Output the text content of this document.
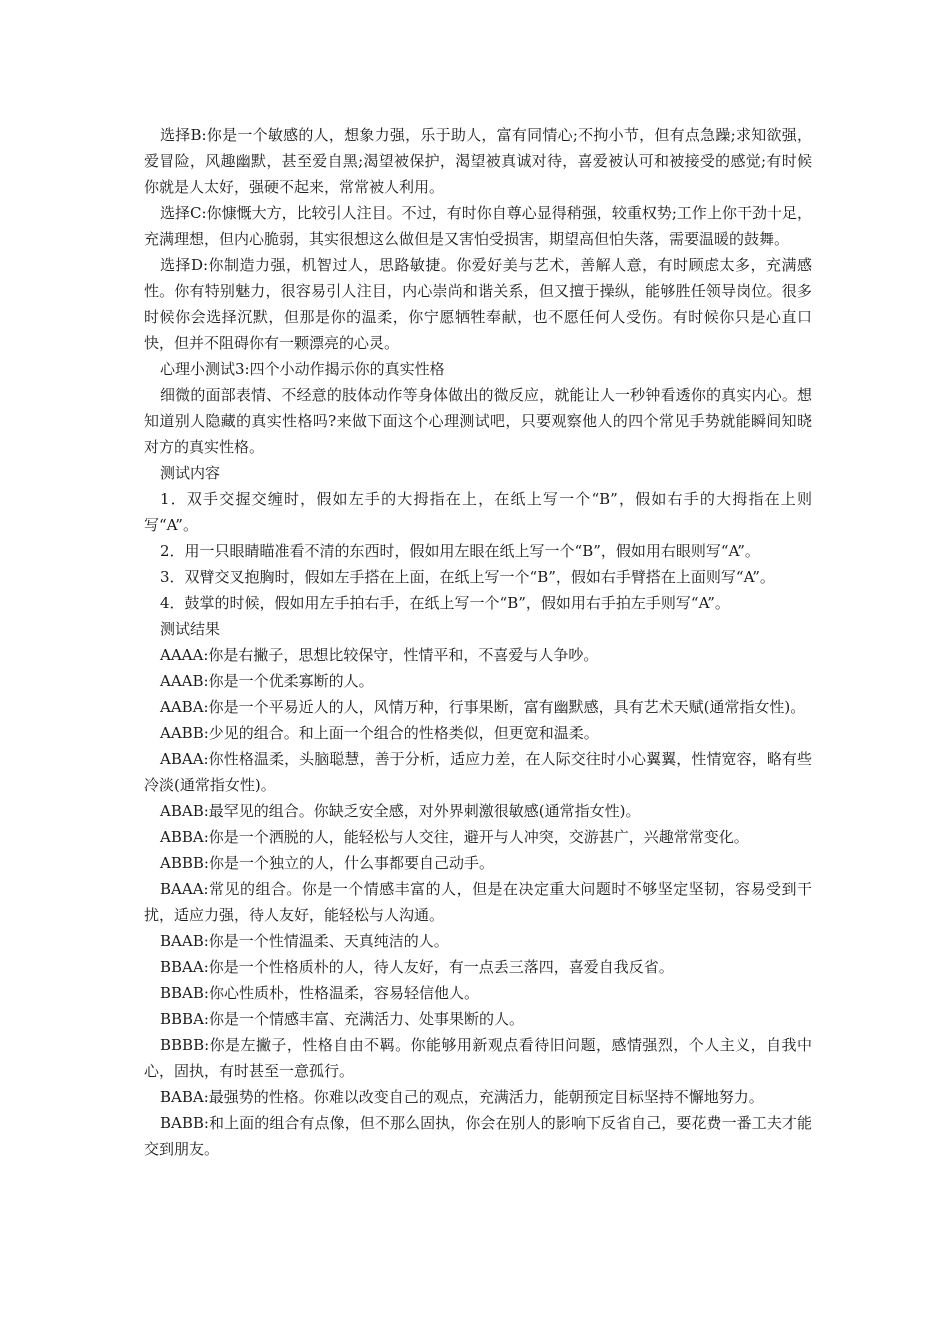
选择B:你是一个敏感的人，想象力强，乐于助人，富有同情心;不拘小节，但有点急躁;求知欲强，爱冒险，风趣幽默，甚至爱自黑;渴望被保护，渴望被真诚对待，喜爱被认可和被接受的感觉;有时候你就是人太好，强硬不起来，常常被人利用。

选择C:你慷慨大方，比较引人注目。不过，有时你自尊心显得稍强，较重权势;工作上你干劲十足，充满理想，但内心脆弱，其实很想这么做但是又害怕受损害，期望高但怕失落，需要温暖的鼓舞。

选择D:你制造力强，机智过人，思路敏捷。你爱好美与艺术，善解人意，有时顾虑太多，充满感性。你有特别魅力，很容易引人注目，内心崇尚和谐关系，但又擅于操纵，能够胜任领导岗位。很多时候你会选择沉默，但那是你的温柔，你宁愿牺牲奉献，也不愿任何人受伤。有时候你只是心直口快，但并不阻碍你有一颗漂亮的心灵。

心理小测试3:四个小动作揭示你的真实性格

细微的面部表情、不经意的肢体动作等身体做出的微反应，就能让人一秒钟看透你的真实内心。想知道别人隐藏的真实性格吗?来做下面这个心理测试吧，只要观察他人的四个常见手势就能瞬间知晓对方的真实性格。

测试内容

1．双手交握交缠时，假如左手的大拇指在上，在纸上写一个“B”，假如右手的大拇指在上则写“A”。

2．用一只眼睛瞄准看不清的东西时，假如用左眼在纸上写一个“B”，假如用右眼则写“A”。

3．双臂交叉抱胸时，假如左手搭在上面，在纸上写一个“B”，假如右手臂搭在上面则写“A”。

4．鼓掌的时候，假如用左手拍右手，在纸上写一个“B”，假如用右手拍左手则写“A”。

测试结果

AAAA:你是右撇子，思想比较保守，性情平和，不喜爱与人争吵。

AAAB:你是一个优柔寡断的人。

AABA:你是一个平易近人的人，风情万种，行事果断，富有幽默感，具有艺术天赋(通常指女性)。

AABB:少见的组合。和上面一个组合的性格类似，但更宽和温柔。

ABAA:你性格温柔，头脑聪慧，善于分析，适应力差，在人际交往时小心翼翼，性情宽容，略有些冷淡(通常指女性)。

ABAB:最罕见的组合。你缺乏安全感，对外界刺激很敏感(通常指女性)。

ABBA:你是一个洒脱的人，能轻松与人交往，避开与人冲突，交游甚广，兴趣常常变化。

ABBB:你是一个独立的人，什么事都要自己动手。

BAAA:常见的组合。你是一个情感丰富的人，但是在决定重大问题时不够坚定坚韧，容易受到干扰，适应力强，待人友好，能轻松与人沟通。

BAAB:你是一个性情温柔、天真纯洁的人。

BBAA:你是一个性格质朴的人，待人友好，有一点丢三落四，喜爱自我反省。

BBAB:你心性质朴，性格温柔，容易轻信他人。

BBBA:你是一个情感丰富、充满活力、处事果断的人。

BBBB:你是左撇子，性格自由不羁。你能够用新观点看待旧问题，感情强烈，个人主义，自我中心，固执，有时甚至一意孤行。

BABA:最强势的性格。你难以改变自己的观点，充满活力，能朝预定目标坚持不懈地努力。

BABB:和上面的组合有点像，但不那么固执，你会在别人的影响下反省自己，要花费一番工夫才能交到朋友。
